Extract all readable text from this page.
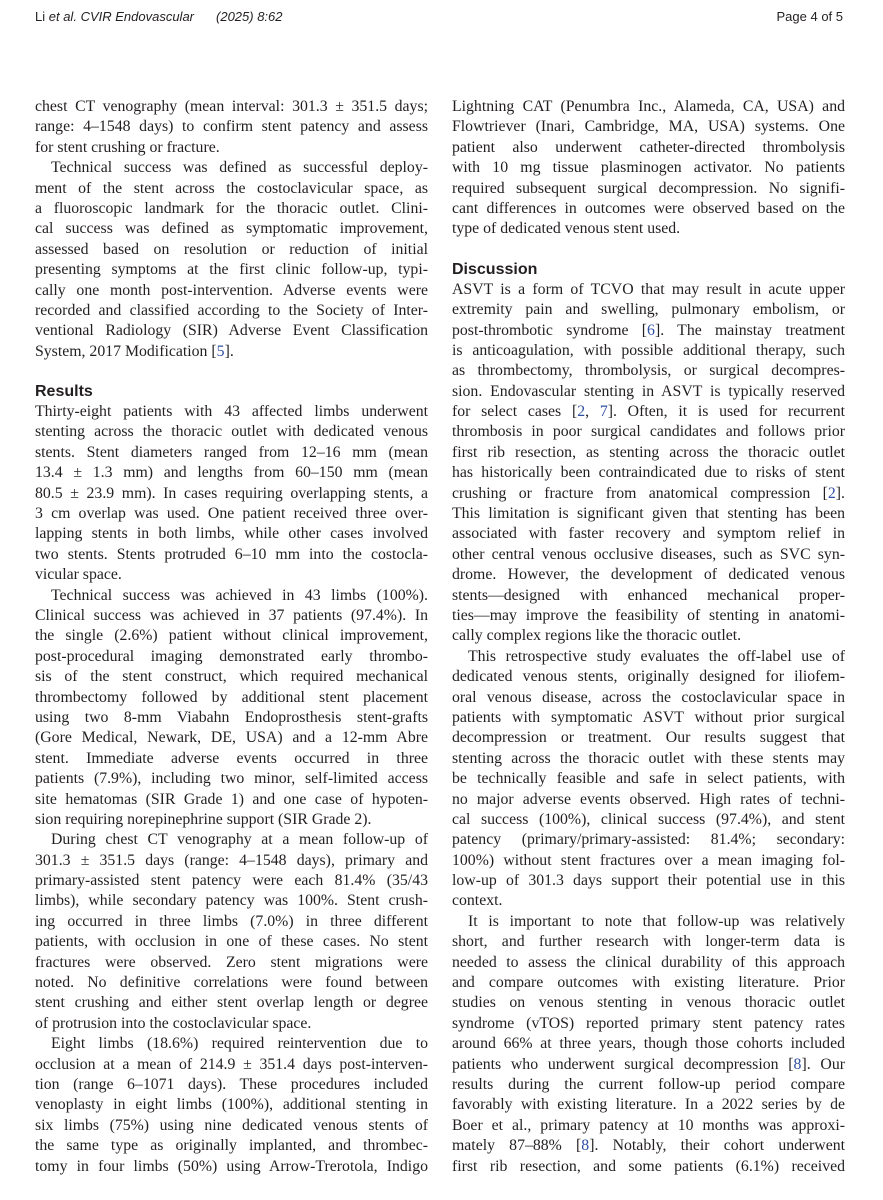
Li et al. CVIR Endovascular (2025) 8:62	Page 4 of 5
chest CT venography (mean interval: 301.3 ± 351.5 days;
range: 4–1548 days) to confirm stent patency and assess
for stent crushing or fracture.
Technical success was defined as successful deploy-
ment of the stent across the costoclavicular space, as
a fluoroscopic landmark for the thoracic outlet. Clini-
cal success was defined as symptomatic improvement,
assessed based on resolution or reduction of initial
presenting symptoms at the first clinic follow-up, typi-
cally one month post-intervention. Adverse events were
recorded and classified according to the Society of Inter-
ventional Radiology (SIR) Adverse Event Classification
System, 2017 Modification [5].
Results
Thirty-eight patients with 43 affected limbs underwent
stenting across the thoracic outlet with dedicated venous
stents. Stent diameters ranged from 12–16 mm (mean
13.4 ± 1.3 mm) and lengths from 60–150 mm (mean
80.5 ± 23.9 mm). In cases requiring overlapping stents, a
3 cm overlap was used. One patient received three over-
lapping stents in both limbs, while other cases involved
two stents. Stents protruded 6–10 mm into the costocla-
vicular space.
Technical success was achieved in 43 limbs (100%).
Clinical success was achieved in 37 patients (97.4%). In
the single (2.6%) patient without clinical improvement,
post-procedural imaging demonstrated early thrombo-
sis of the stent construct, which required mechanical
thrombectomy followed by additional stent placement
using two 8-mm Viabahn Endoprosthesis stent-grafts
(Gore Medical, Newark, DE, USA) and a 12-mm Abre
stent. Immediate adverse events occurred in three
patients (7.9%), including two minor, self-limited access
site hematomas (SIR Grade 1) and one case of hypoten-
sion requiring norepinephrine support (SIR Grade 2).
During chest CT venography at a mean follow-up of
301.3 ± 351.5 days (range: 4–1548 days), primary and
primary-assisted stent patency were each 81.4% (35/43
limbs), while secondary patency was 100%. Stent crush-
ing occurred in three limbs (7.0%) in three different
patients, with occlusion in one of these cases. No stent
fractures were observed. Zero stent migrations were
noted. No definitive correlations were found between
stent crushing and either stent overlap length or degree
of protrusion into the costoclavicular space.
Eight limbs (18.6%) required reintervention due to
occlusion at a mean of 214.9 ± 351.4 days post-interven-
tion (range 6–1071 days). These procedures included
venoplasty in eight limbs (100%), additional stenting in
six limbs (75%) using nine dedicated venous stents of
the same type as originally implanted, and thrombec-
tomy in four limbs (50%) using Arrow-Trerotola, Indigo
Lightning CAT (Penumbra Inc., Alameda, CA, USA) and
Flowtriever (Inari, Cambridge, MA, USA) systems. One
patient also underwent catheter-directed thrombolysis
with 10 mg tissue plasminogen activator. No patients
required subsequent surgical decompression. No signifi-
cant differences in outcomes were observed based on the
type of dedicated venous stent used.
Discussion
ASVT is a form of TCVO that may result in acute upper
extremity pain and swelling, pulmonary embolism, or
post-thrombotic syndrome [6]. The mainstay treatment
is anticoagulation, with possible additional therapy, such
as thrombectomy, thrombolysis, or surgical decompres-
sion. Endovascular stenting in ASVT is typically reserved
for select cases [2, 7]. Often, it is used for recurrent
thrombosis in poor surgical candidates and follows prior
first rib resection, as stenting across the thoracic outlet
has historically been contraindicated due to risks of stent
crushing or fracture from anatomical compression [2].
This limitation is significant given that stenting has been
associated with faster recovery and symptom relief in
other central venous occlusive diseases, such as SVC syn-
drome. However, the development of dedicated venous
stents—designed with enhanced mechanical proper-
ties—may improve the feasibility of stenting in anatomi-
cally complex regions like the thoracic outlet.
This retrospective study evaluates the off-label use of
dedicated venous stents, originally designed for iliofem-
oral venous disease, across the costoclavicular space in
patients with symptomatic ASVT without prior surgical
decompression or treatment. Our results suggest that
stenting across the thoracic outlet with these stents may
be technically feasible and safe in select patients, with
no major adverse events observed. High rates of techni-
cal success (100%), clinical success (97.4%), and stent
patency (primary/primary-assisted: 81.4%; secondary:
100%) without stent fractures over a mean imaging fol-
low-up of 301.3 days support their potential use in this
context.
It is important to note that follow-up was relatively
short, and further research with longer-term data is
needed to assess the clinical durability of this approach
and compare outcomes with existing literature. Prior
studies on venous stenting in venous thoracic outlet
syndrome (vTOS) reported primary stent patency rates
around 66% at three years, though those cohorts included
patients who underwent surgical decompression [8]. Our
results during the current follow-up period compare
favorably with existing literature. In a 2022 series by de
Boer et al., primary patency at 10 months was approxi-
mately 87–88% [8]. Notably, their cohort underwent
first rib resection, and some patients (6.1%) received
